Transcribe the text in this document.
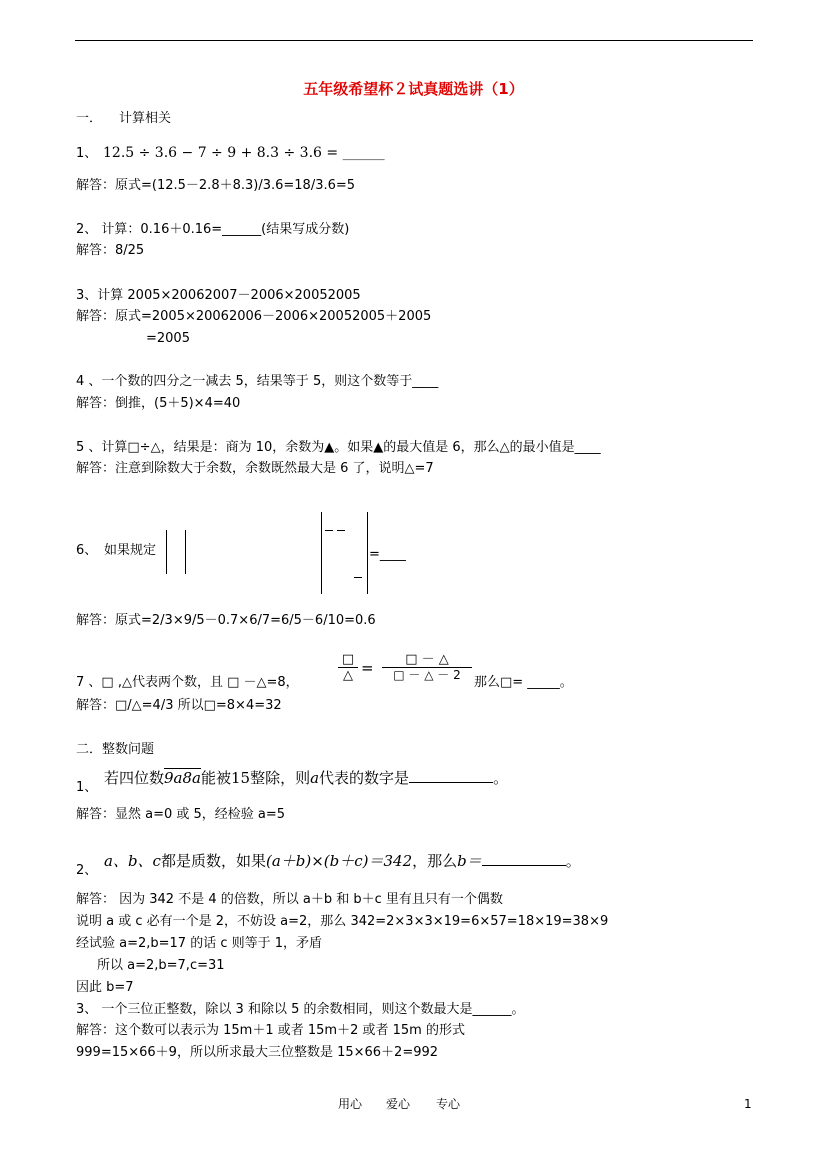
五年级希望杯２试真题选讲（1）
一． 计算相关
1、 12.5 ÷ 3.6 − 7 ÷ 9 + 8.3 ÷ 3.6 = ______
解答：原式=(12.5－2.8＋8.3)/3.6=18/3.6=5
2、 计算：0.16＋0.16=______(结果写成分数)
解答：8/25
3、计算 2005×20062007－2006×20052005
解答：原式=2005×20062006－2006×20052005＋2005
=2005
4 、一个数的四分之一减去 5，结果等于 5，则这个数等于____
解答：倒推，(5＋5)×4=40
5 、计算□÷△，结果是：商为 10，余数为▲。如果▲的最大值是 6，那么△的最小值是____
解答：注意到除数大于余数，余数既然最大是 6 了，说明△=7
6、 如果规定	=____
解答：原式=2/3×9/5－0.7×6/7=6/5－6/10=0.6
7 、□ ,△代表两个数，且 □ －△=8，
□
△ =	□ － △
□ － △ － 2	那么□= _____。
解答：□/△=4/3 所以□=8×4=32
二．整数问题
1、
若四位数9a8a能被15整除，则a代表的数字是	。
解答：显然 a=0 或 5，经检验 a=5
2、
a、b、c都是质数，如果(a＋b)×(b＋c)＝342，那么b＝	。
解答： 因为 342 不是 4 的倍数，所以 a＋b 和 b＋c 里有且只有一个偶数
说明 a 或 c 必有一个是 2，不妨设 a=2，那么 342=2×3×3×19=6×57=18×19=38×9
经试验 a=2,b=17 的话 c 则等于 1，矛盾
所以 a=2,b=7,c=31
因此 b=7
3、 一个三位正整数，除以 3 和除以 5 的余数相同，则这个数最大是______。
解答：这个数可以表示为 15m＋1 或者 15m＋2 或者 15m 的形式
999=15×66＋9，所以所求最大三位整数是 15×66＋2=992
用心 爱心 专心	1
